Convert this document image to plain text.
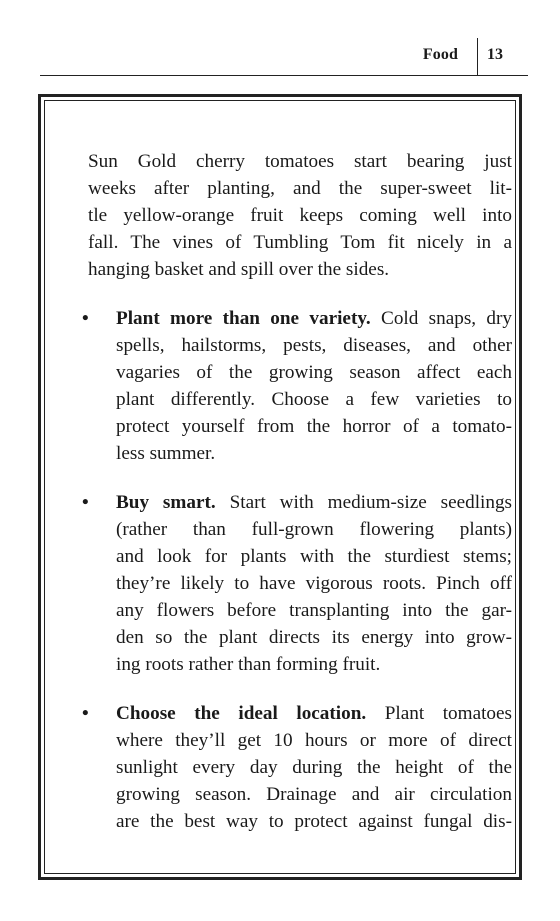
Food 13

Sun Gold cherry tomatoes start bearing just
weeks after planting, and the super-sweet lit-
tle yellow-orange fruit keeps coming well into
fall. The vines of Tumbling Tom fit nicely in a
hanging basket and spill over the sides.

• Plant more than one variety. Cold snaps, dry
spells, hailstorms, pests, diseases, and other
vagaries of the growing season affect each
plant differently. Choose a few varieties to
protect yourself from the horror of a tomato-
less summer.
• Buy smart. Start with medium-size seedlings
(rather than full-grown flowering plants)
and look for plants with the sturdiest stems;
they’re likely to have vigorous roots. Pinch off
any flowers before transplanting into the gar-
den so the plant directs its energy into grow-
ing roots rather than forming fruit.
• Choose the ideal location. Plant tomatoes
where they’ll get 10 hours or more of direct
sunlight every day during the height of the
growing season. Drainage and air circulation
are the best way to protect against fungal dis-
